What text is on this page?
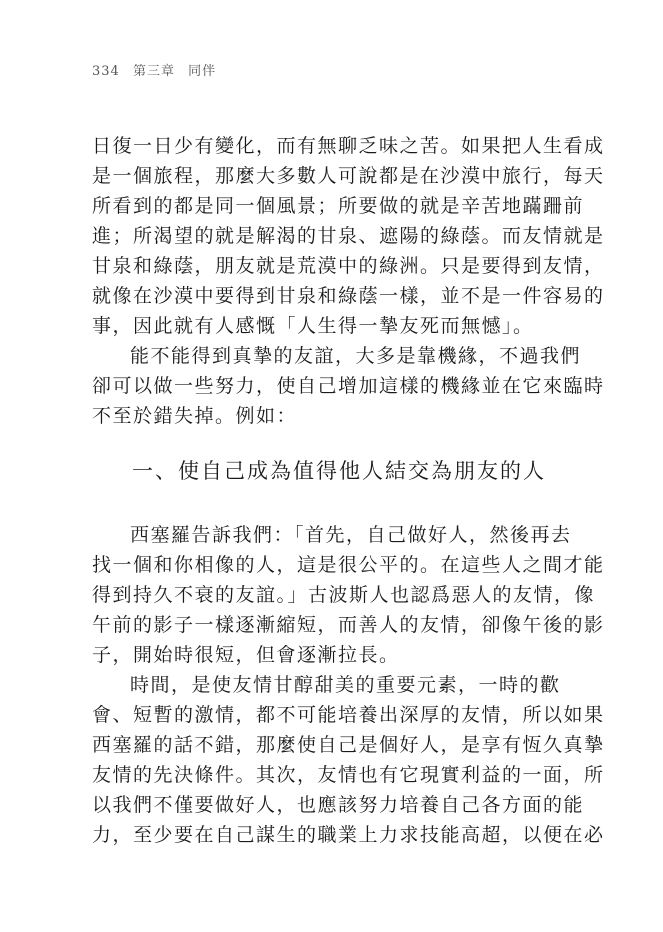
334 第三章 同伴
日復一日少有變化，而有無聊乏味之苦。如果把人生看成
是一個旅程，那麼大多數人可說都是在沙漠中旅行，每天
所看到的都是同一個風景；所要做的就是辛苦地蹣跚前
進；所渴望的就是解渴的甘泉、遮陽的綠蔭。而友情就是
甘泉和綠蔭，朋友就是荒漠中的綠洲。只是要得到友情，
就像在沙漠中要得到甘泉和綠蔭一樣，並不是一件容易的
事，因此就有人感慨「人生得一摯友死而無憾」。
能不能得到真摯的友誼，大多是靠機緣，不過我們
卻可以做一些努力，使自己增加這樣的機緣並在它來臨時
不至於錯失掉。例如：
一、使自己成為值得他人結交為朋友的人
西塞羅告訴我們：「首先，自己做好人，然後再去
找一個和你相像的人，這是很公平的。在這些人之間才能
得到持久不衰的友誼。」古波斯人也認爲惡人的友情，像
午前的影子一樣逐漸縮短，而善人的友情，卻像午後的影
子，開始時很短，但會逐漸拉長。
時間，是使友情甘醇甜美的重要元素，一時的歡
會、短暫的激情，都不可能培養出深厚的友情，所以如果
西塞羅的話不錯，那麼使自己是個好人，是享有恆久真摯
友情的先決條件。其次，友情也有它現實利益的一面，所
以我們不僅要做好人，也應該努力培養自己各方面的能
力，至少要在自己謀生的職業上力求技能高超，以便在必
